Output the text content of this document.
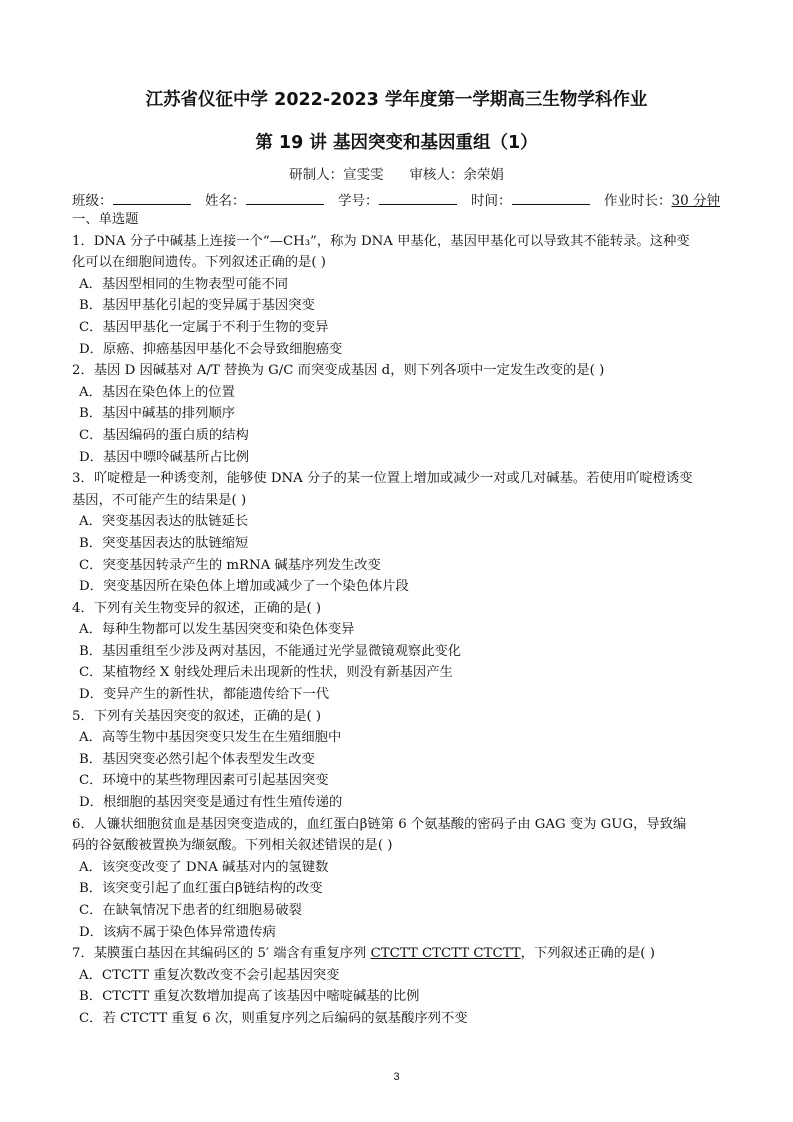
江苏省仪征中学 2022-2023 学年度第一学期高三生物学科作业
第 19 讲 基因突变和基因重组（1）
研制人：宣雯雯      审核人：余荣娟
班级：	姓名：	学号：	时间：	作业时长：30 分钟
一、单选题
1．DNA 分子中碱基上连接一个“—CH₃”，称为 DNA 甲基化，基因甲基化可以导致其不能转录。这种变
化可以在细胞间遗传。下列叙述正确的是( )
A．基因型相同的生物表型可能不同
B．基因甲基化引起的变异属于基因突变
C．基因甲基化一定属于不利于生物的变异
D．原癌、抑癌基因甲基化不会导致细胞癌变
2．基因 D 因碱基对 A/T 替换为 G/C 而突变成基因 d，则下列各项中一定发生改变的是( )
A．基因在染色体上的位置
B．基因中碱基的排列顺序
C．基因编码的蛋白质的结构
D．基因中嘌呤碱基所占比例
3．吖啶橙是一种诱变剂，能够使 DNA 分子的某一位置上增加或减少一对或几对碱基。若使用吖啶橙诱变
基因，不可能产生的结果是( )
A．突变基因表达的肽链延长
B．突变基因表达的肽链缩短
C．突变基因转录产生的 mRNA 碱基序列发生改变
D．突变基因所在染色体上增加或减少了一个染色体片段
4．下列有关生物变异的叙述，正确的是( )
A．每种生物都可以发生基因突变和染色体变异
B．基因重组至少涉及两对基因，不能通过光学显微镜观察此变化
C．某植物经 X 射线处理后未出现新的性状，则没有新基因产生
D．变异产生的新性状，都能遗传给下一代
5．下列有关基因突变的叙述，正确的是( )
A．高等生物中基因突变只发生在生殖细胞中
B．基因突变必然引起个体表型发生改变
C．环境中的某些物理因素可引起基因突变
D．根细胞的基因突变是通过有性生殖传递的
6．人镰状细胞贫血是基因突变造成的，血红蛋白β链第 6 个氨基酸的密码子由 GAG 变为 GUG，导致编
码的谷氨酸被置换为缬氨酸。下列相关叙述错误的是( )
A．该突变改变了 DNA 碱基对内的氢键数
B．该突变引起了血红蛋白β链结构的改变
C．在缺氧情况下患者的红细胞易破裂
D．该病不属于染色体异常遗传病
7．某膜蛋白基因在其编码区的 5′ 端含有重复序列 CTCTT CTCTT CTCTT，下列叙述正确的是( )
A．CTCTT 重复次数改变不会引起基因突变
B．CTCTT 重复次数增加提高了该基因中嘧啶碱基的比例
C．若 CTCTT 重复 6 次，则重复序列之后编码的氨基酸序列不变
3
